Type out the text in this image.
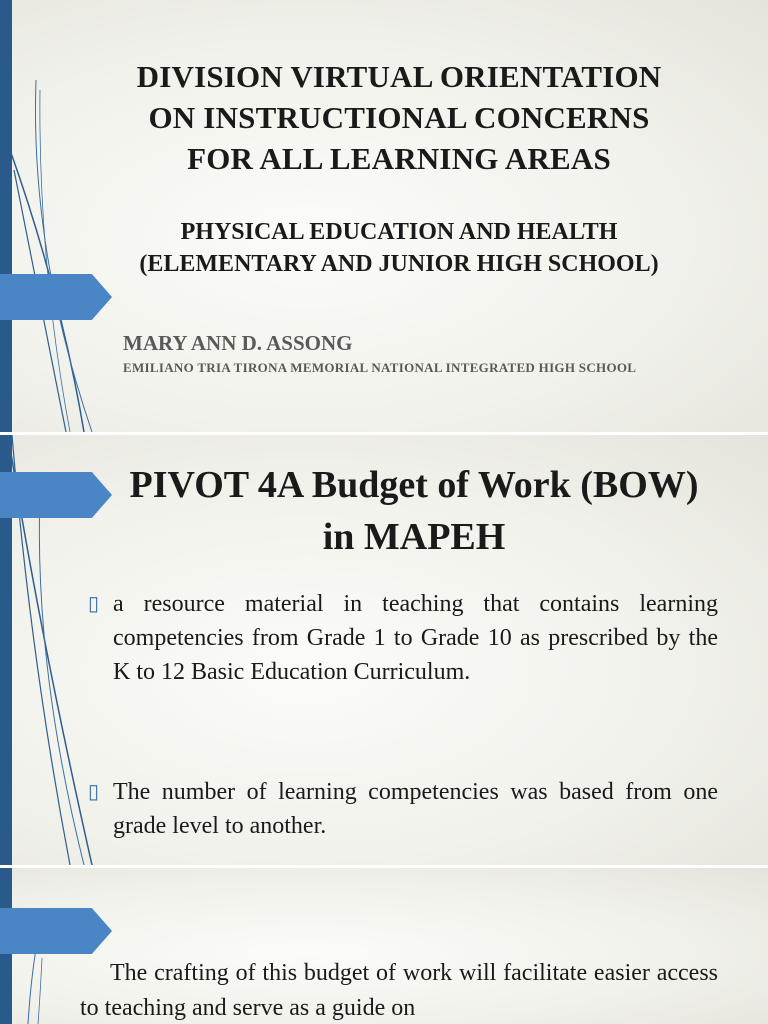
DIVISION VIRTUAL ORIENTATION
ON INSTRUCTIONAL CONCERNS
FOR ALL LEARNING AREAS
PHYSICAL EDUCATION AND HEALTH
(ELEMENTARY AND JUNIOR HIGH SCHOOL)
MARY ANN D. ASSONG
EMILIANO TRIA TIRONA MEMORIAL NATIONAL INTEGRATED HIGH SCHOOL
PIVOT 4A Budget of Work (BOW)
in MAPEH
▯ a resource material in teaching that contains learning competencies from Grade 1 to Grade 10 as prescribed by the K to 12 Basic Education Curriculum.
▯ The number of learning competencies was based from one grade level to another.
The crafting of this budget of work will facilitate easier access to teaching and serve as a guide on
